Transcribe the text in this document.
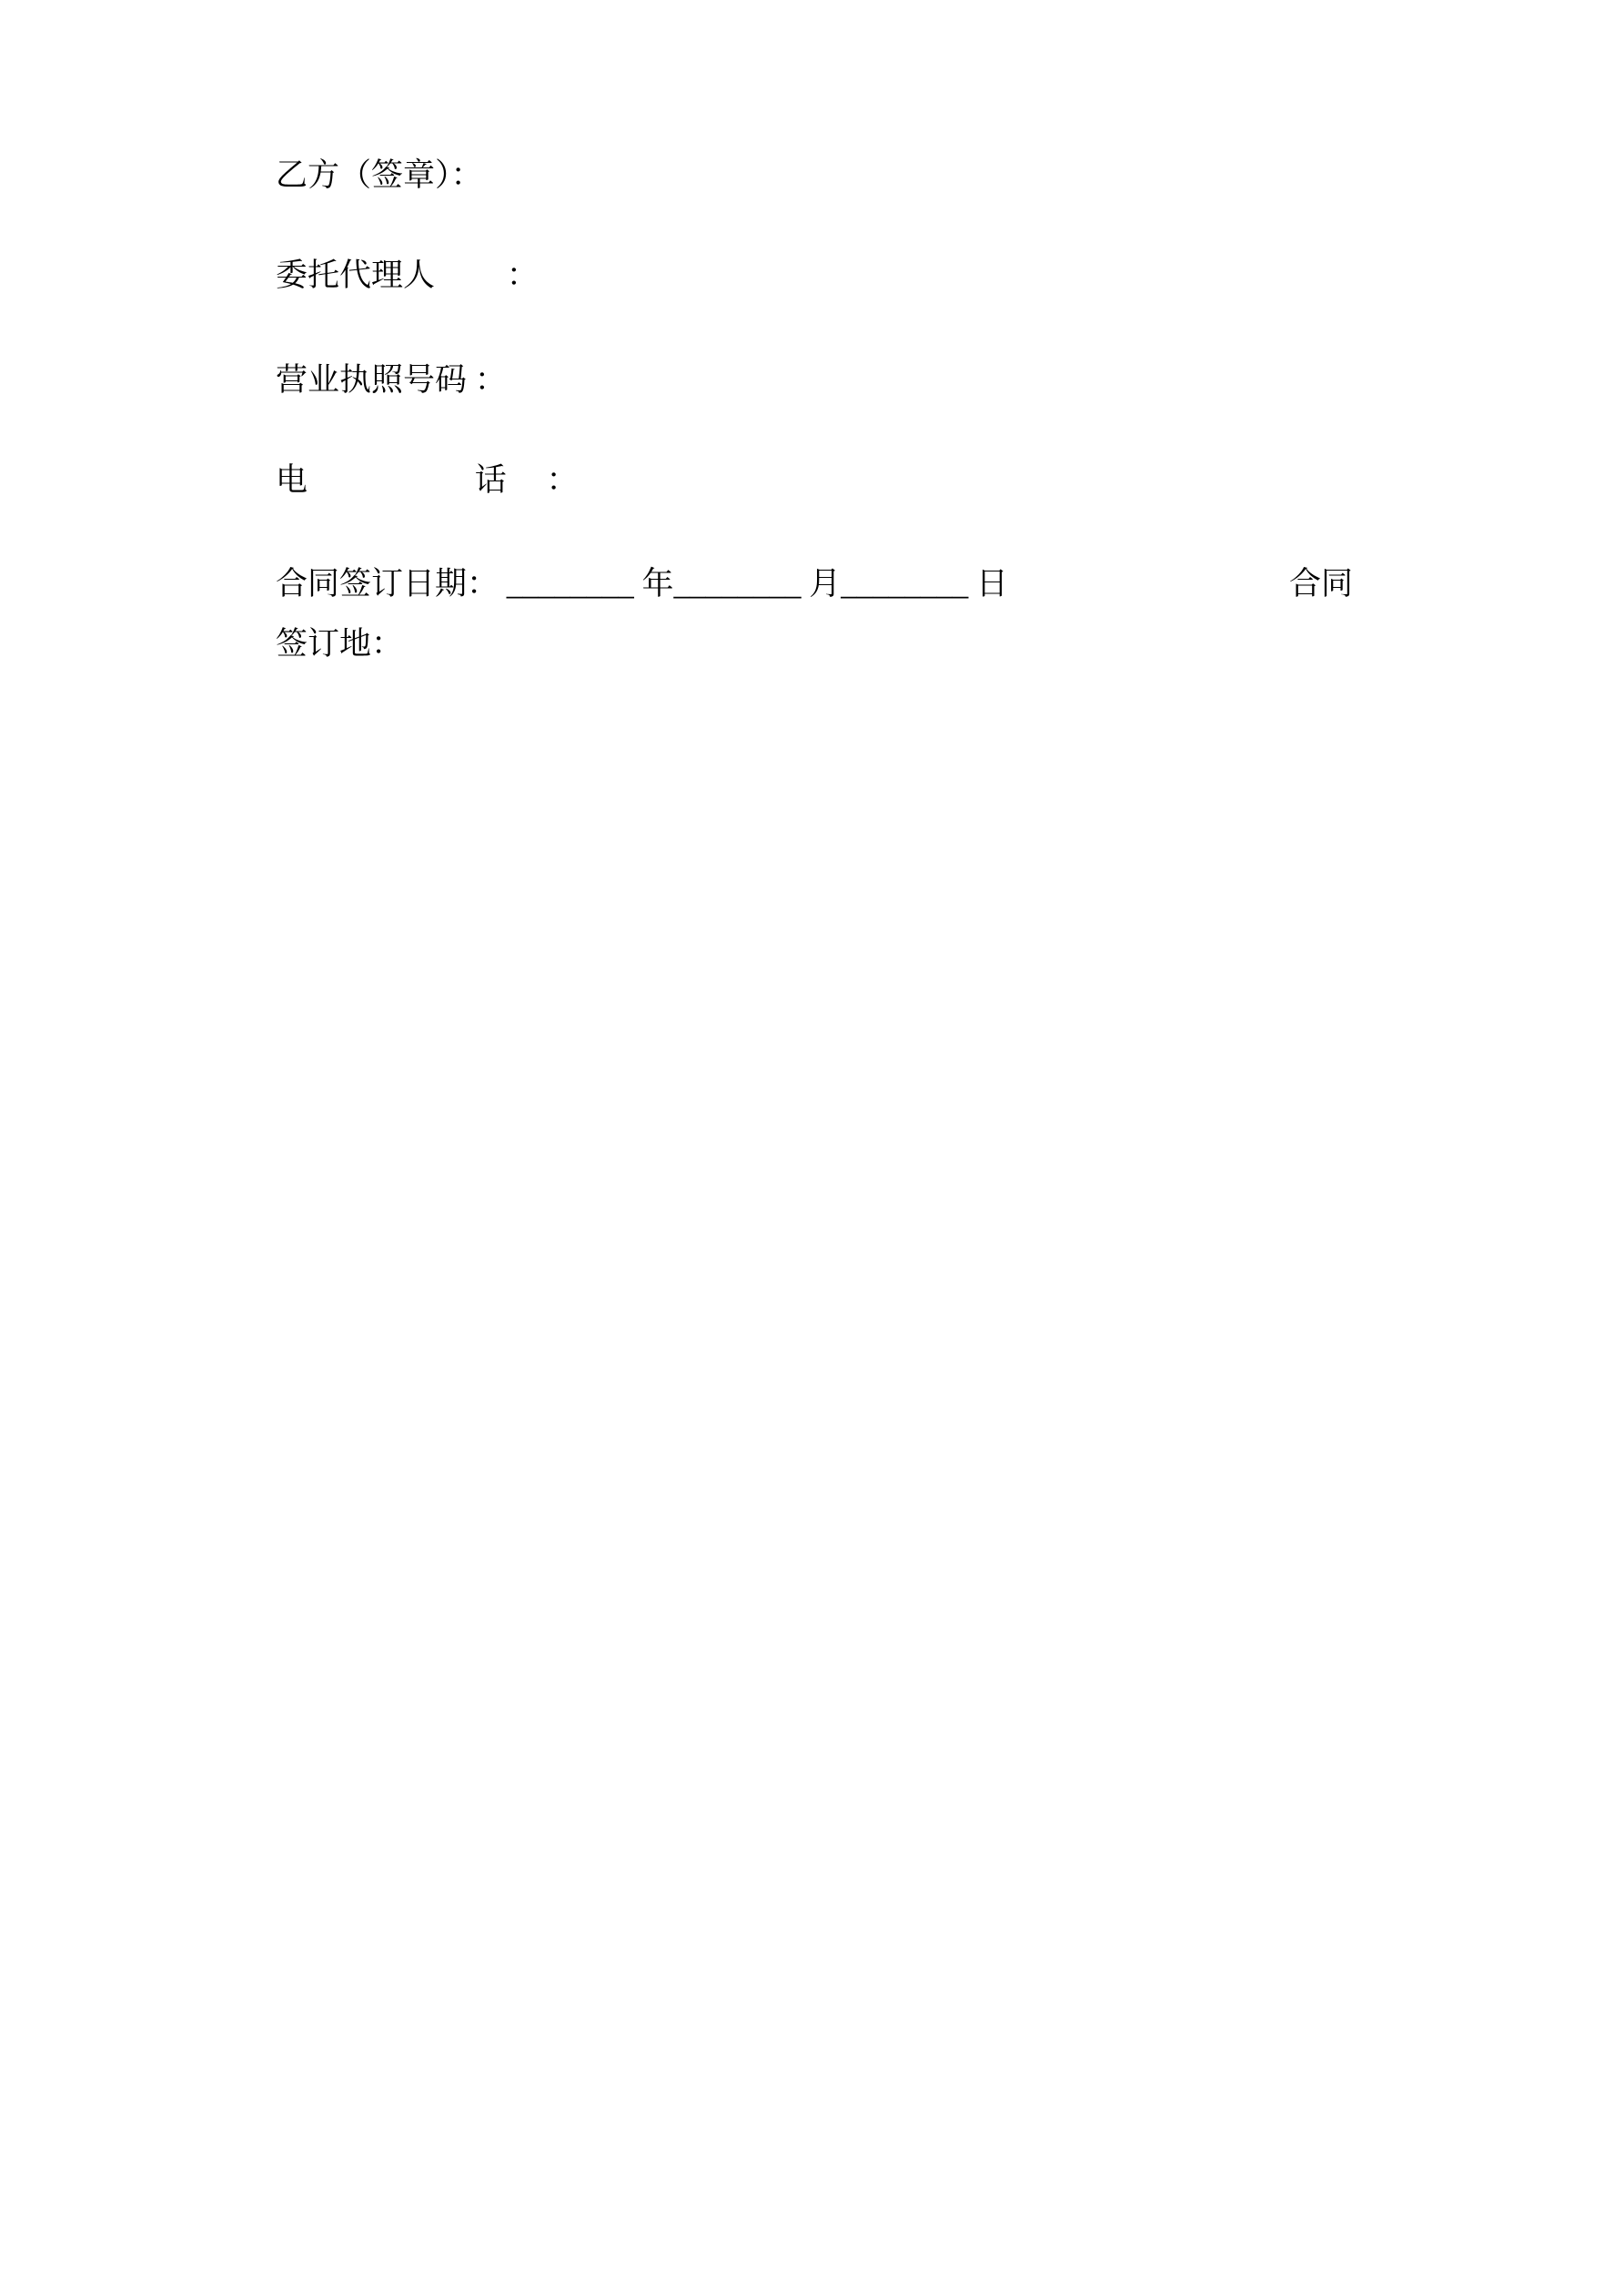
乙方（签章）：

委托代理人　　 ：

营业执照号码 ：

电　　　　　 话　 ：

合同签订日期： ________ 年________ 月________ 日	合同

签订地：
